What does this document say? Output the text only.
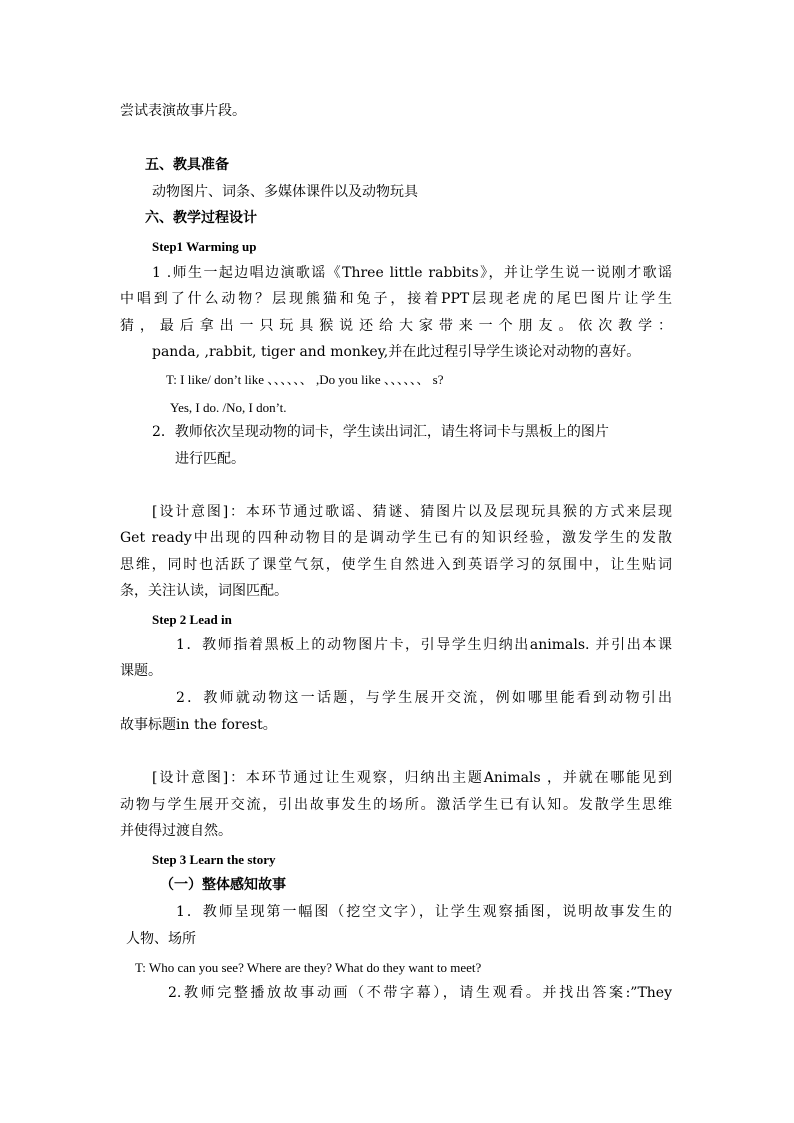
尝试表演故事片段。
五、教具准备
动物图片、词条、多媒体课件以及动物玩具
六、教学过程设计
Step1 Warming up
1 .师生一起边唱边演歌谣《Three little rabbits》，并让学生说一说刚才歌谣
中唱到了什么动物？层现熊猫和兔子，接着PPT层现老虎的尾巴图片让学生
猜，最后拿出一只玩具猴说还给大家带来一个朋友。依次教学：
panda, ,rabbit, tiger and monkey,并在此过程引导学生谈论对动物的喜好。
T: I like/ don’t like 、、、、、、 ,Do you like 、、、、、、 s?
Yes, I do. /No, I don’t.
2．教师依次呈现动物的词卡，学生读出词汇，请生将词卡与黑板上的图片
进行匹配。
[设计意图]：本环节通过歌谣、猜谜、猜图片以及层现玩具猴的方式来层现
Get ready中出现的四种动物目的是调动学生已有的知识经验，激发学生的发散
思维，同时也活跃了课堂气氛，使学生自然进入到英语学习的氛围中，让生贴词
条，关注认读，词图匹配。
Step 2 Lead in
1．教师指着黑板上的动物图片卡，引导学生归纳出animals. 并引出本课
课题。
2．教师就动物这一话题，与学生展开交流，例如哪里能看到动物引出
故事标题in the forest。
[设计意图]：本环节通过让生观察，归纳出主题Animals ，并就在哪能见到
动物与学生展开交流，引出故事发生的场所。激活学生已有认知。发散学生思维
并使得过渡自然。
Step 3 Learn the story
（一）整体感知故事
1．教师呈现第一幅图（挖空文字），让学生观察插图，说明故事发生的
人物、场所
T: Who can you see? Where are they? What do they want to meet?
2.教师完整播放故事动画（不带字幕），请生观看。并找出答案:”They
